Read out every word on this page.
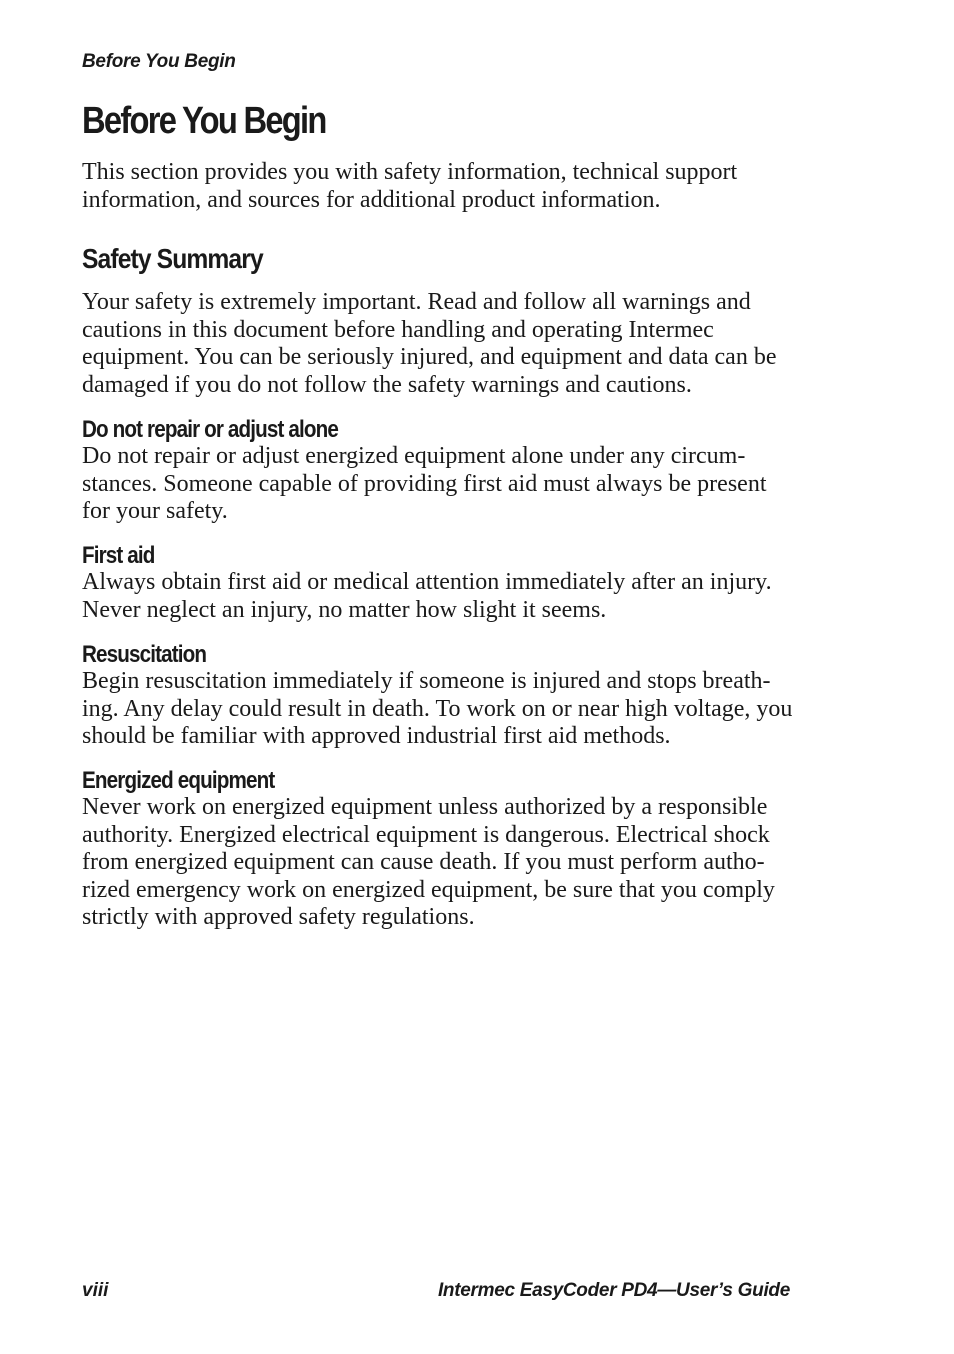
Before You Begin
Before You Begin

This section provides you with safety information, technical support information, and sources for additional product information.

Safety Summary

Your safety is extremely important. Read and follow all warnings and cautions in this document before handling and operating Intermec equipment. You can be seriously injured, and equipment and data can be damaged if you do not follow the safety warnings and cautions.

Do not repair or adjust alone

Do not repair or adjust energized equipment alone under any circum-stances. Someone capable of providing first aid must always be present for your safety.

First aid

Always obtain first aid or medical attention immediately after an injury. Never neglect an injury, no matter how slight it seems.

Resuscitation

Begin resuscitation immediately if someone is injured and stops breath-ing. Any delay could result in death. To work on or near high voltage, you should be familiar with approved industrial first aid methods.

Energized equipment

Never work on energized equipment unless authorized by a responsible authority. Energized electrical equipment is dangerous. Electrical shock from energized equipment can cause death. If you must perform autho-rized emergency work on energized equipment, be sure that you comply strictly with approved safety regulations.

viii	Intermec EasyCoder PD4—User’s Guide
